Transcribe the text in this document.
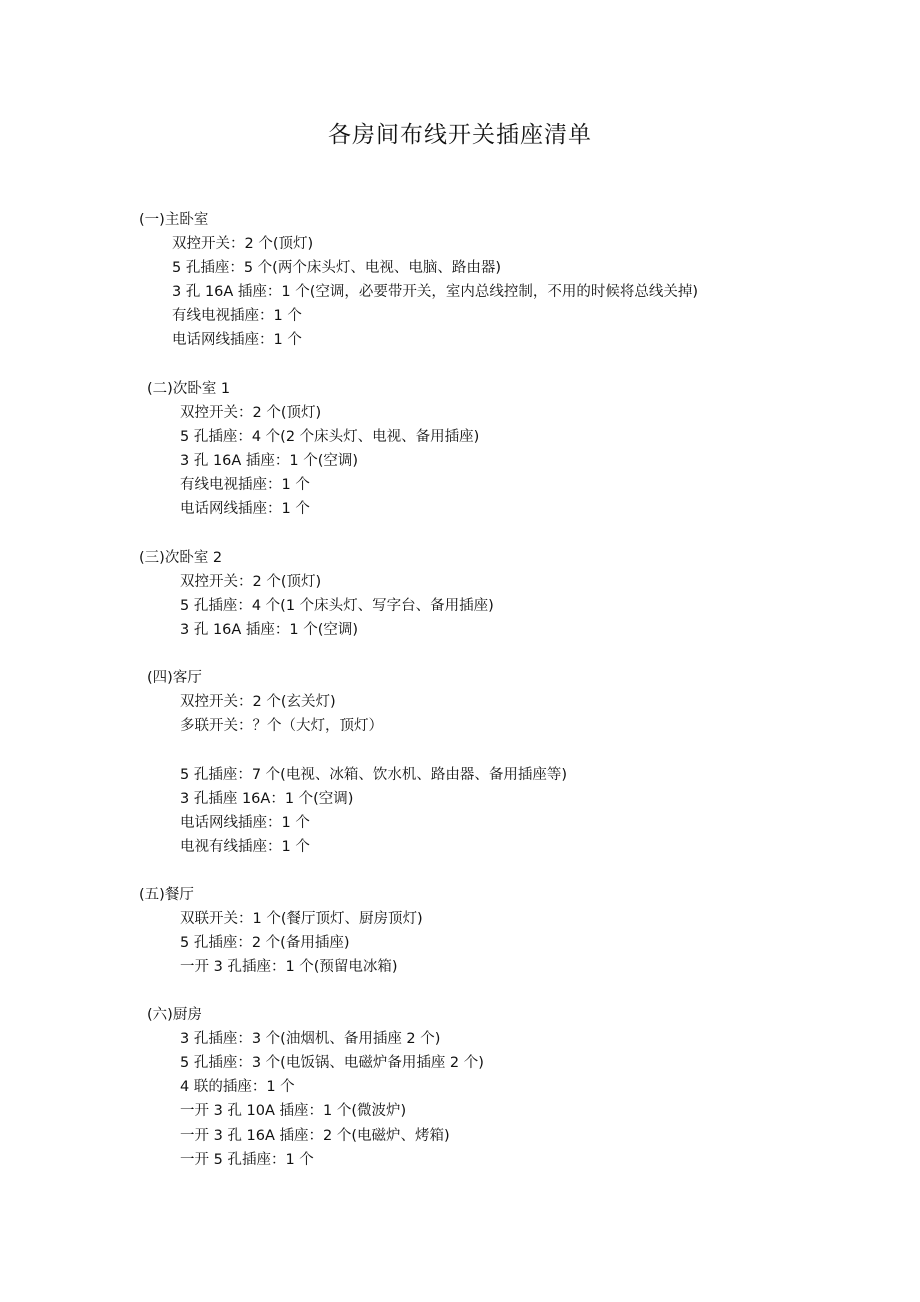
各房间布线开关插座清单
(一)主卧室
双控开关：2 个(顶灯)
5 孔插座：5 个(两个床头灯、电视、电脑、路由器)
3 孔 16A 插座：1 个(空调，必要带开关，室内总线控制，不用的时候将总线关掉)
有线电视插座：1 个
电话网线插座：1 个
(二)次卧室 1
双控开关：2 个(顶灯)
5 孔插座：4 个(2 个床头灯、电视、备用插座)
3 孔 16A 插座：1 个(空调)
有线电视插座：1 个
电话网线插座：1 个
(三)次卧室 2
双控开关：2 个(顶灯)
5 孔插座：4 个(1 个床头灯、写字台、备用插座)
3 孔 16A 插座：1 个(空调)
(四)客厅
双控开关：2 个(玄关灯)
多联开关：？个（大灯，顶灯）
5 孔插座：7 个(电视、冰箱、饮水机、路由器、备用插座等)
3 孔插座 16A：1 个(空调)
电话网线插座：1 个
电视有线插座：1 个
(五)餐厅
双联开关：1 个(餐厅顶灯、厨房顶灯)
5 孔插座：2 个(备用插座)
一开 3 孔插座：1 个(预留电冰箱)
(六)厨房
3 孔插座：3 个(油烟机、备用插座 2 个)
5 孔插座：3 个(电饭锅、电磁炉备用插座 2 个)
4 联的插座：1 个
一开 3 孔 10A 插座：1 个(微波炉)
一开 3 孔 16A 插座：2 个(电磁炉、烤箱)
一开 5 孔插座：1 个
